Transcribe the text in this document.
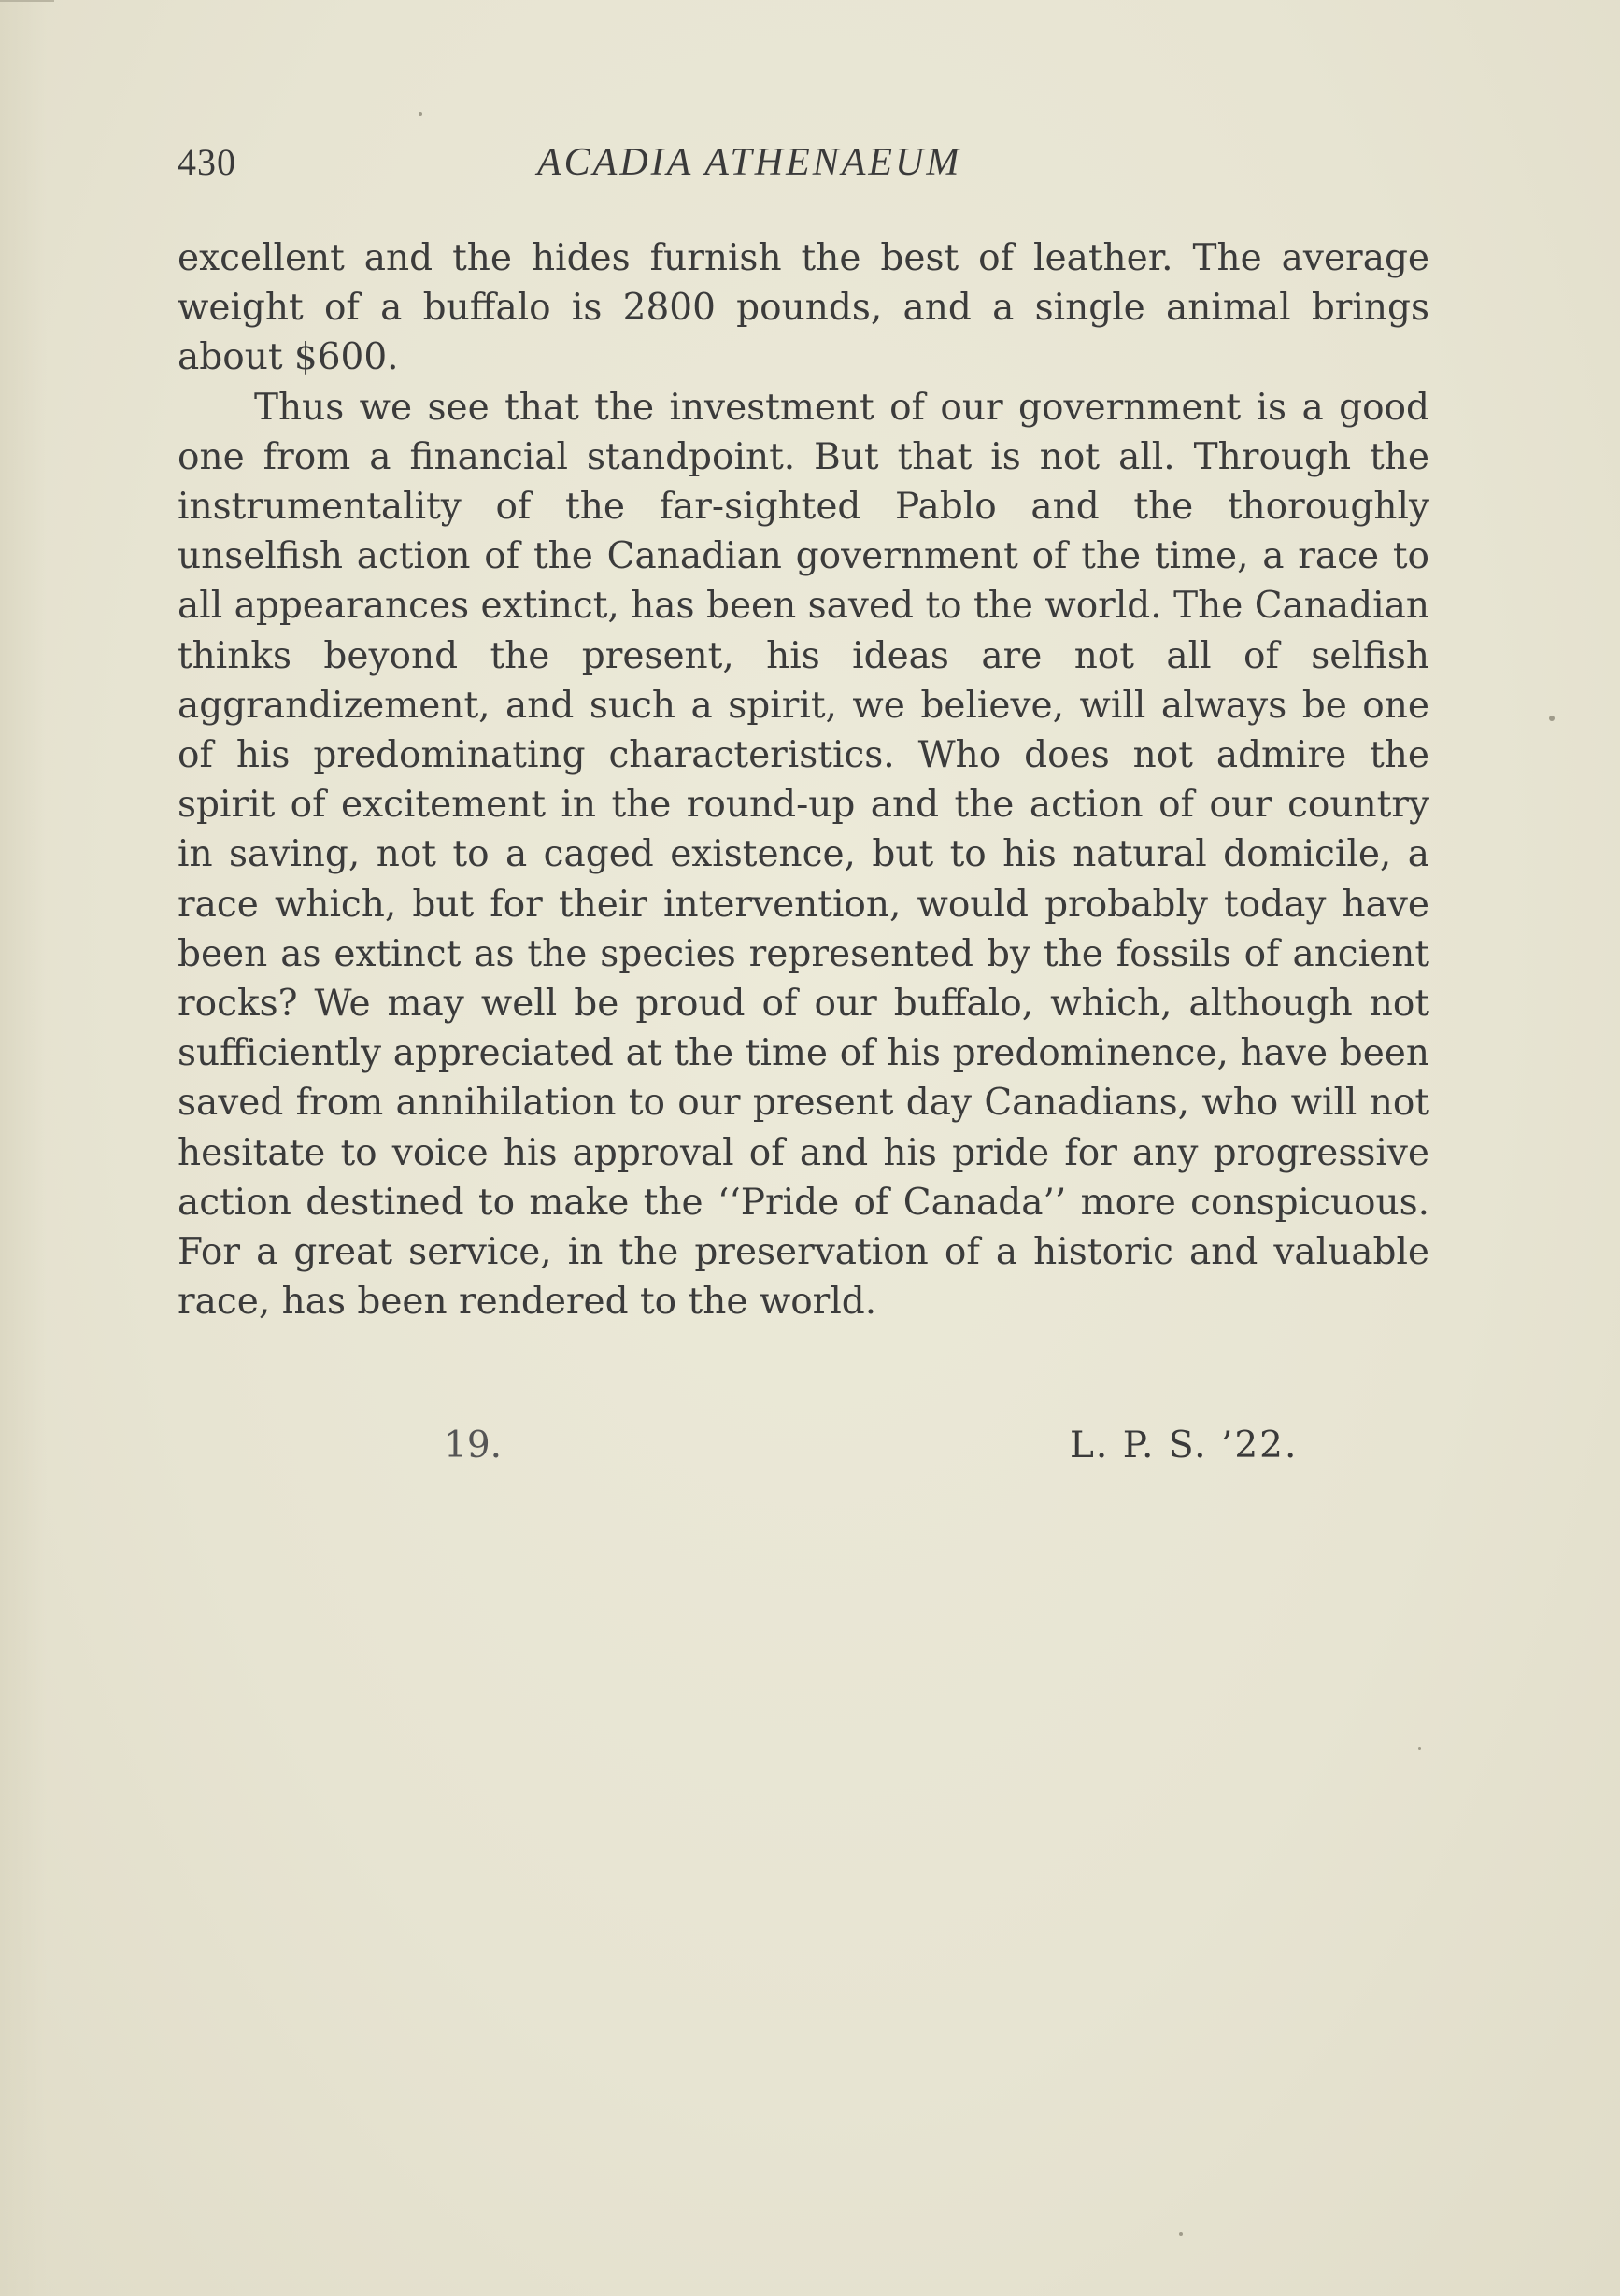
430	ACADIA ATHENAEUM

excellent and the hides furnish the best of leather. The average weight of a buffalo is 2800 pounds, and a single animal brings about $600.

Thus we see that the investment of our government is a good one from a financial standpoint. But that is not all. Through the instrumentality of the far-sighted Pablo and the thoroughly unselfish action of the Canadian government of the time, a race to all appearances extinct, has been saved to the world. The Canadian thinks beyond the present, his ideas are not all of selfish aggrandizement, and such a spirit, we believe, will always be one of his predominating characteristics. Who does not admire the spirit of excitement in the round-up and the action of our country in saving, not to a caged existence, but to his natural domicile, a race which, but for their intervention, would probably today have been as extinct as the species represented by the fossils of ancient rocks? We may well be proud of our buffalo, which, although not sufficiently appreciated at the time of his predominence, have been saved from annihilation to our present day Canadians, who will not hesitate to voice his approval of and his pride for any progressive action destined to make the ‘‘Pride of Canada’’ more conspicuous. For a great service, in the preservation of a historic and valuable race, has been rendered to the world.

19.	L. P. S. ’22.
